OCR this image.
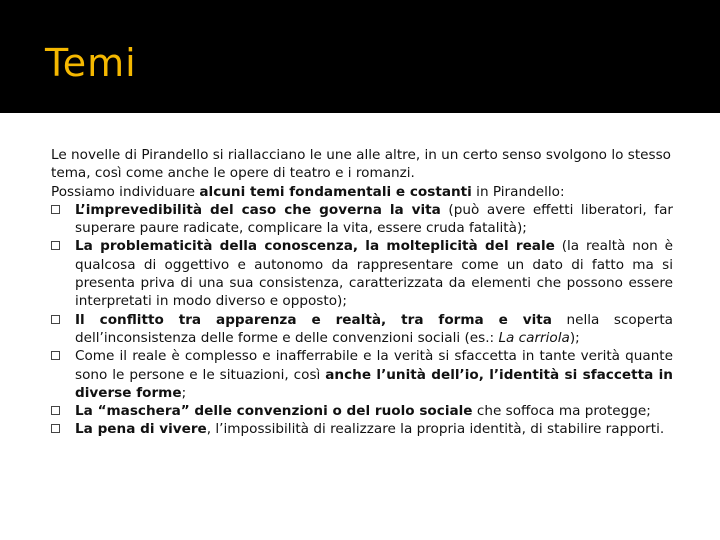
Temi

Le novelle di Pirandello si riallacciano le une alle altre, in un certo senso svolgono lo stesso tema, così come anche le opere di teatro e i romanzi.

Possiamo individuare alcuni temi fondamentali e costanti in Pirandello:

L’imprevedibilità del caso che governa la vita (può avere effetti liberatori, far superare paure radicate, complicare la vita, essere cruda fatalità);
La problematicità della conoscenza, la molteplicità del reale (la realtà non è qualcosa di oggettivo e autonomo da rappresentare come un dato di fatto ma si presenta priva di una sua consistenza, caratterizzata da elementi che possono essere interpretati in modo diverso e opposto);
Il conflitto tra apparenza e realtà, tra forma e vita nella scoperta dell’inconsistenza delle forme e delle convenzioni sociali (es.: La carriola);
Come il reale è complesso e inafferrabile e la verità si sfaccetta in tante verità quante sono le persone e le situazioni, così anche l’unità dell’io, l’identità si sfaccetta in diverse forme;
La “maschera” delle convenzioni o del ruolo sociale che soffoca ma protegge;
La pena di vivere, l’impossibilità di realizzare la propria identità, di stabilire rapporti.
